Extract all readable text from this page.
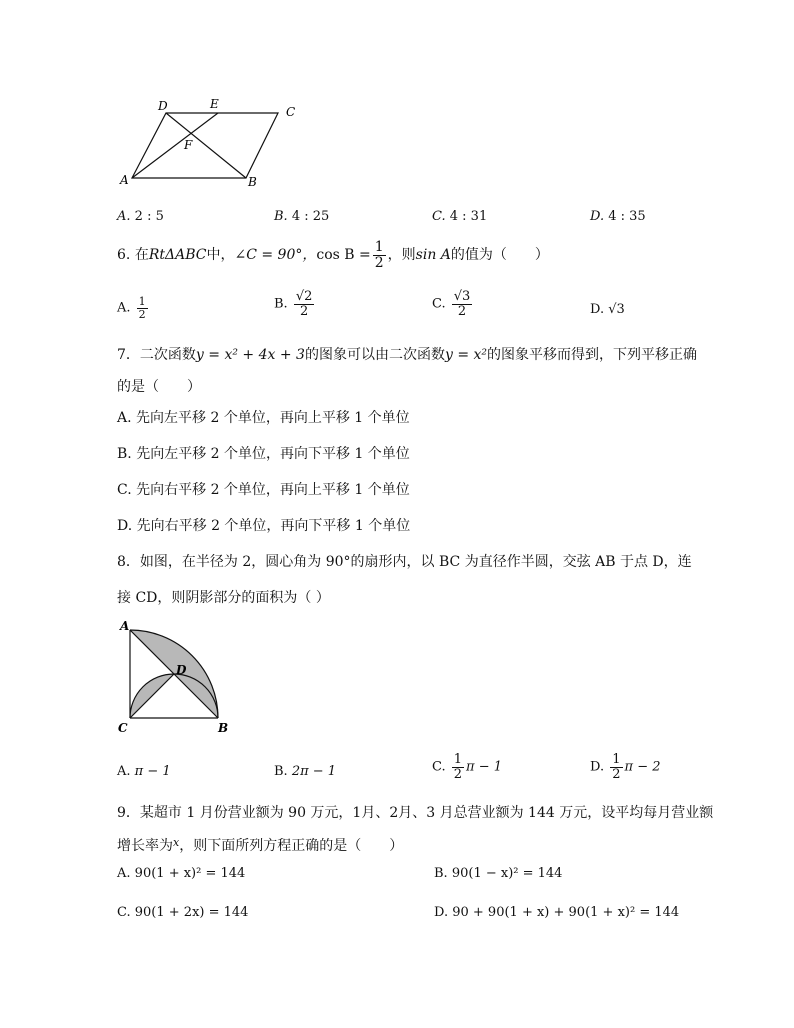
D	E
C
F
A	B
A. 2 : 5	B. 4 : 25	C. 4 : 31	D. 4 : 35
6. 在RtΔABC中，∠C = 90°，$\cos B = \frac{1}{2}$ ，则sin A的值为（　　）
A. $\frac{1}{2}$	B. $\frac{√2}{2}$	C. $\frac{√3}{2}$	D. √3
7．二次函数y = x² + 4x + 3的图象可以由二次函数y = x²的图象平移而得到，下列平移正确
的是（　　）
A. 先向左平移 2 个单位，再向上平移 1 个单位
B. 先向左平移 2 个单位，再向下平移 1 个单位
C. 先向右平移 2 个单位，再向上平移 1 个单位
D. 先向右平移 2 个单位，再向下平移 1 个单位
8．如图，在半径为 2，圆心角为 90°的扇形内，以 BC 为直径作半圆，交弦 AB 于点 D，连
接 CD，则阴影部分的面积为（ ）
A
D
C	B
A. π − 1	B. 2π − 1	C. $\frac{1}{2}$ π − 1	D. $\frac{1}{2}$ π − 2
9．某超市 1 月份营业额为 90 万元，1月、2月、3 月总营业额为 144 万元，设平均每月营业额
增长率为$^x$，则下面所列方程正确的是（　　）
A. 90(1 + x)² = 144	B. 90(1 − x)² = 144
C. 90(1 + 2x) = 144	D. 90 + 90(1 + x) + 90(1 + x)² = 144
